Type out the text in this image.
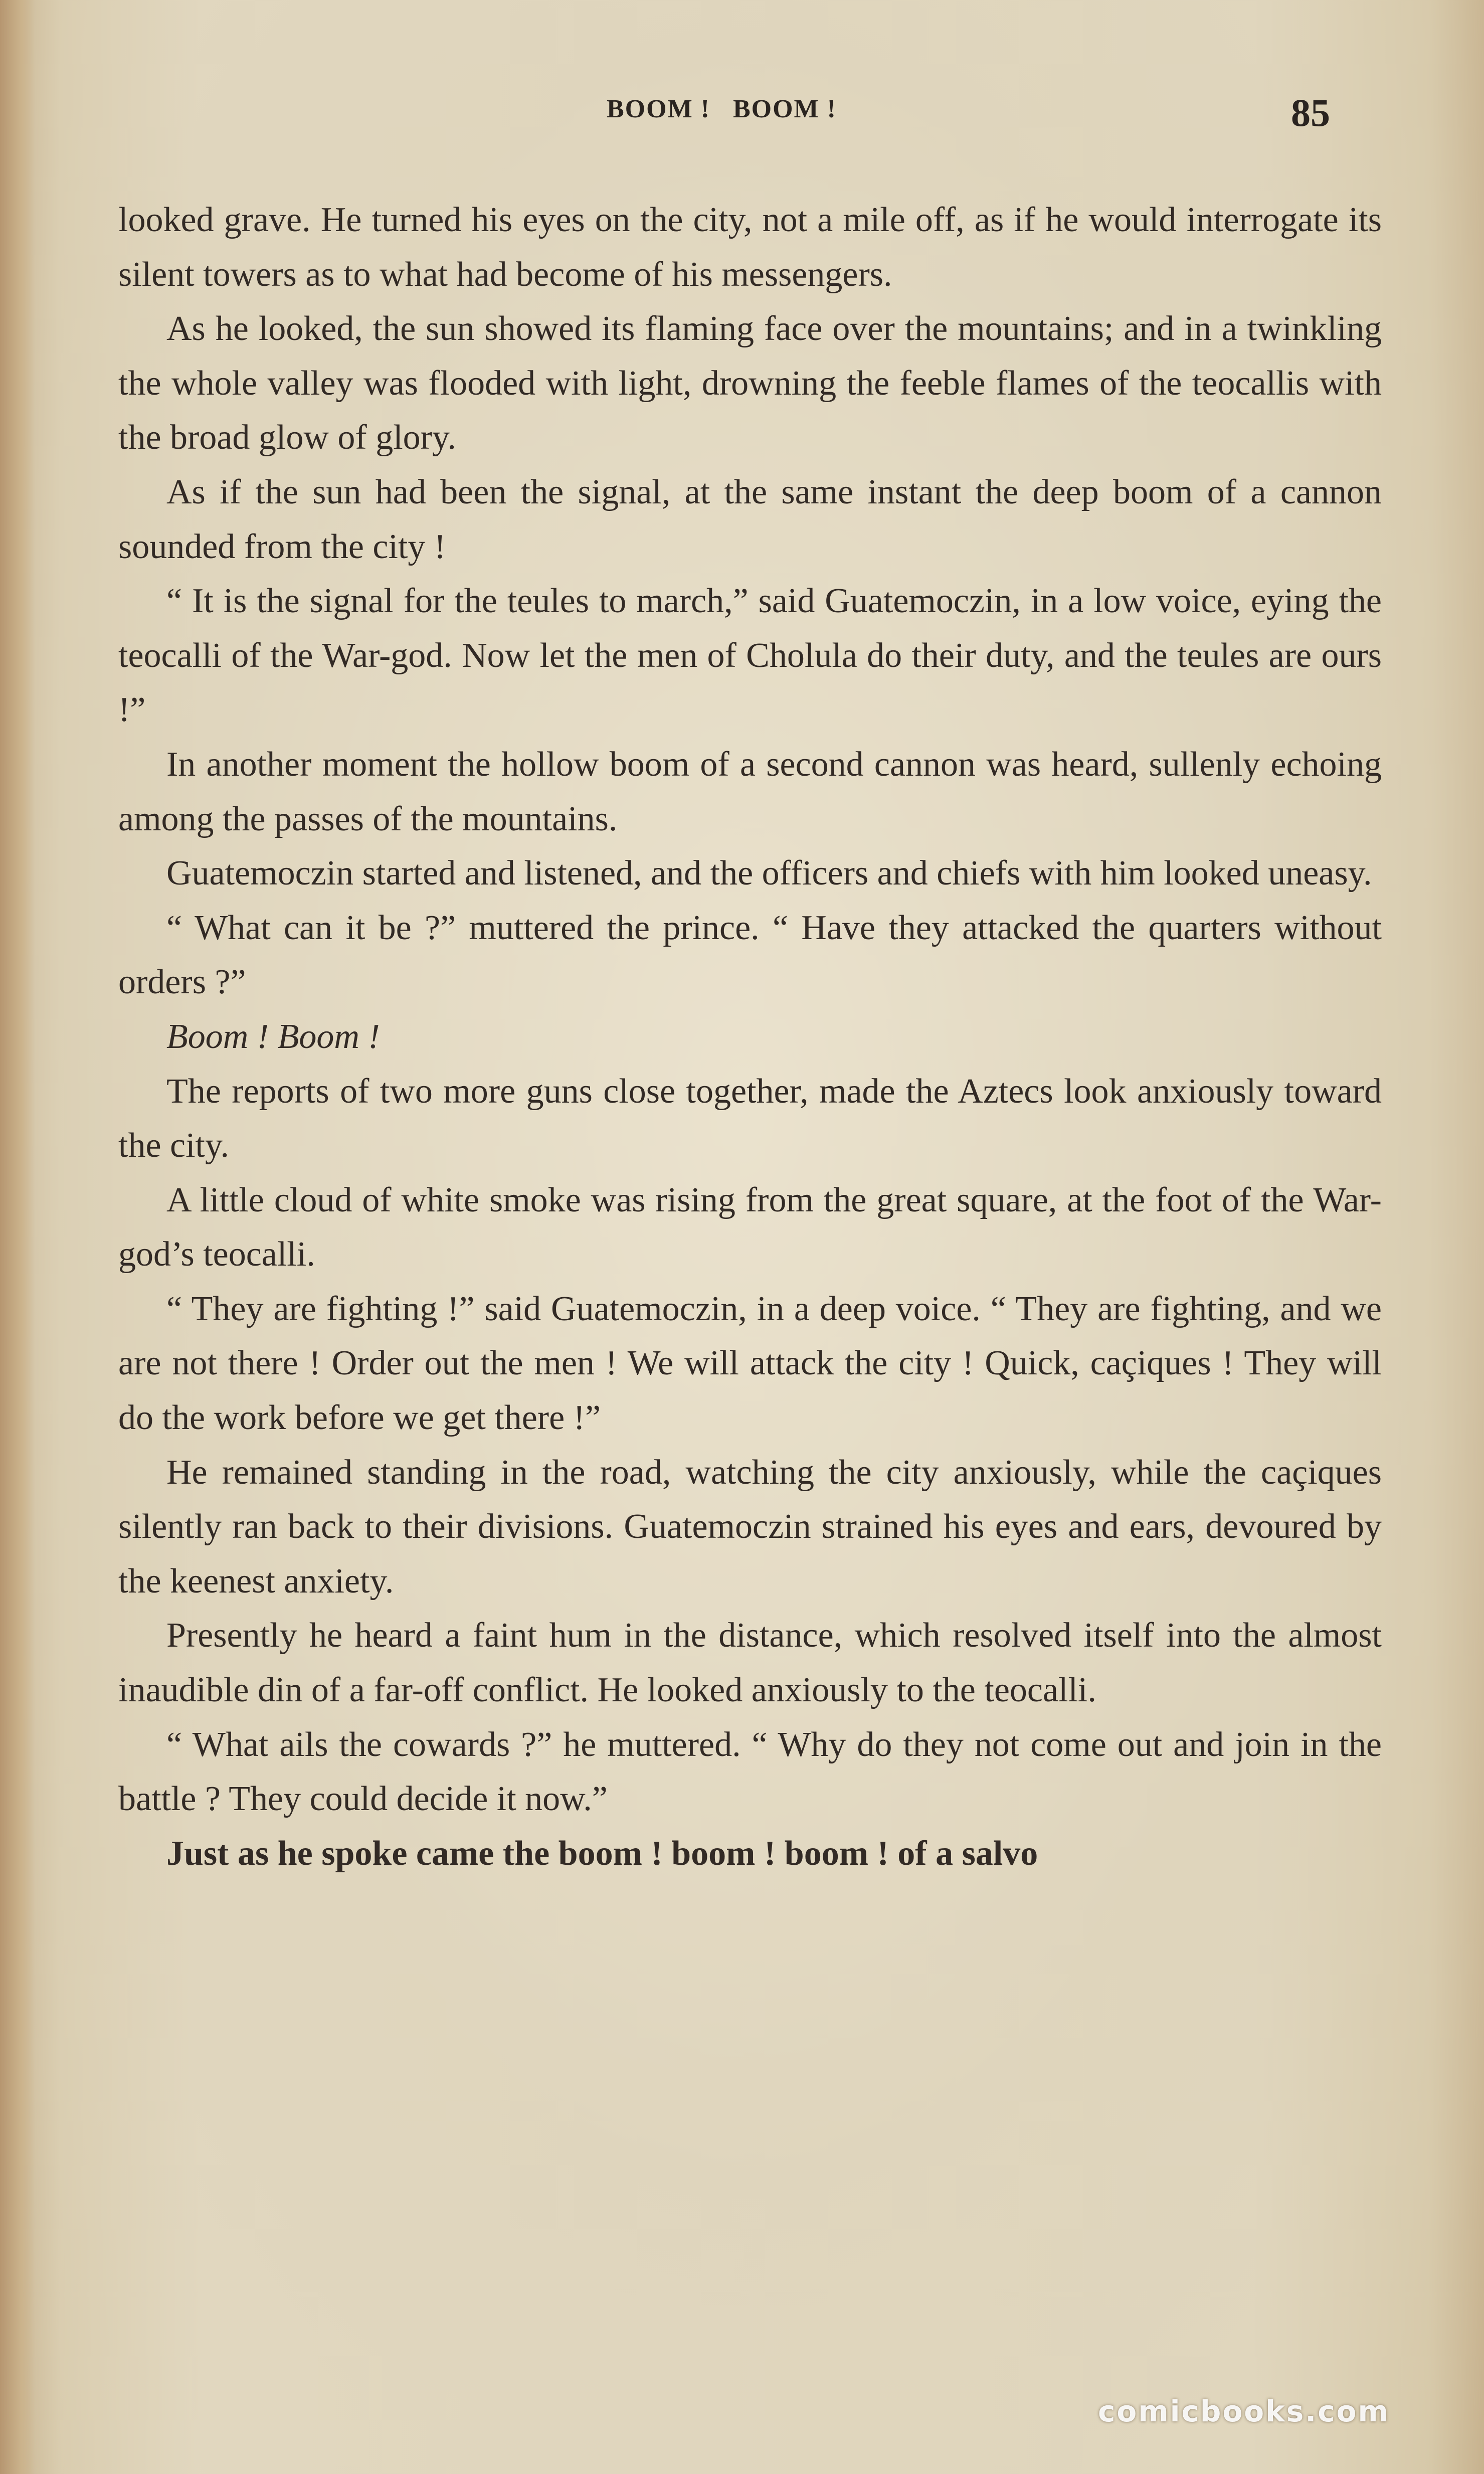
BOOM !   BOOM !	85

looked grave. He turned his eyes on the city, not a mile off, as if he would interrogate its silent towers as to what had become of his messengers.

As he looked, the sun showed its flaming face over the mountains; and in a twinkling the whole valley was flooded with light, drowning the feeble flames of the teocallis with the broad glow of glory.

As if the sun had been the signal, at the same instant the deep boom of a cannon sounded from the city !

“ It is the signal for the teules to march,” said Guatemoczin, in a low voice, eying the teocalli of the War-god. Now let the men of Cholula do their duty, and the teules are ours !”

In another moment the hollow boom of a second cannon was heard, sullenly echoing among the passes of the mountains.

Guatemoczin started and listened, and the officers and chiefs with him looked uneasy.

“ What can it be ?” muttered the prince. “ Have they attacked the quarters without orders ?”

Boom ! Boom !

The reports of two more guns close together, made the Aztecs look anxiously toward the city.

A little cloud of white smoke was rising from the great square, at the foot of the War-god’s teocalli.

“ They are fighting !” said Guatemoczin, in a deep voice. “ They are fighting, and we are not there ! Order out the men ! We will attack the city ! Quick, caçiques ! They will do the work before we get there !”

He remained standing in the road, watching the city anxiously, while the caçiques silently ran back to their divisions. Guatemoczin strained his eyes and ears, devoured by the keenest anxiety.

Presently he heard a faint hum in the distance, which resolved itself into the almost inaudible din of a far-off conflict. He looked anxiously to the teocalli.

“ What ails the cowards ?” he muttered. “ Why do they not come out and join in the battle ? They could decide it now.”

Just as he spoke came the boom ! boom ! boom ! of a salvo

comicbooks.com
